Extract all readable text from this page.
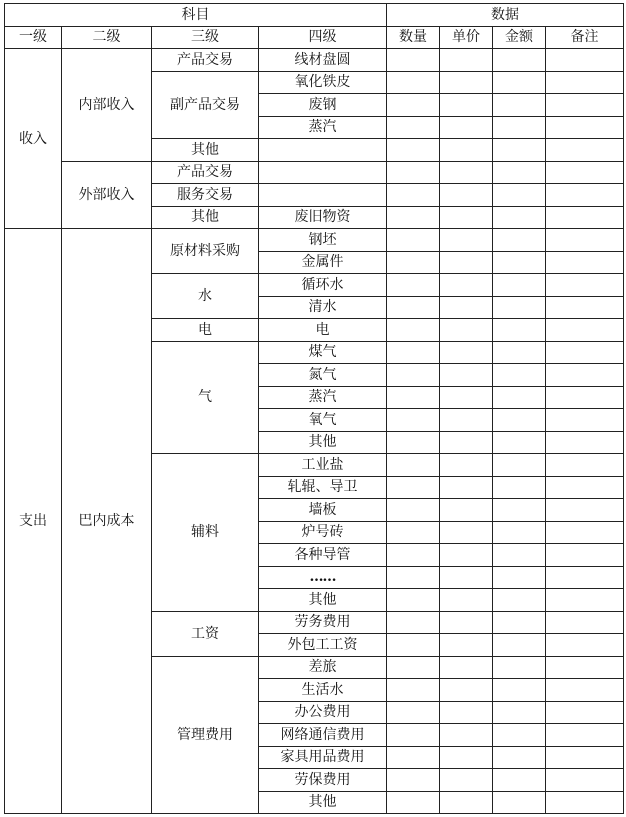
科目				数据			
一级	二级	三级	四级	数量	单价	金额	备注
收入	内部收入	产品交易	线材盘圆				
		副产品交易	氧化铁皮				
			废钢				
			蒸汽				
		其他					
	外部收入	产品交易					
		服务交易					
		其他	废旧物资				
支出	巴内成本	原材料采购	钢坯				
			金属件				
		水	循环水				
			清水				
		电	电				
		气	煤气				
			氮气				
			蒸汽				
			氧气				
			其他				
		辅料	工业盐				
			轧辊、导卫				
			墙板				
			炉号砖				
			各种导管				
			……				
			其他				
		工资	劳务费用				
			外包工工资				
		管理费用	差旅				
			生活水				
			办公费用				
			网络通信费用				
			家具用品费用				
			劳保费用				
			其他				
